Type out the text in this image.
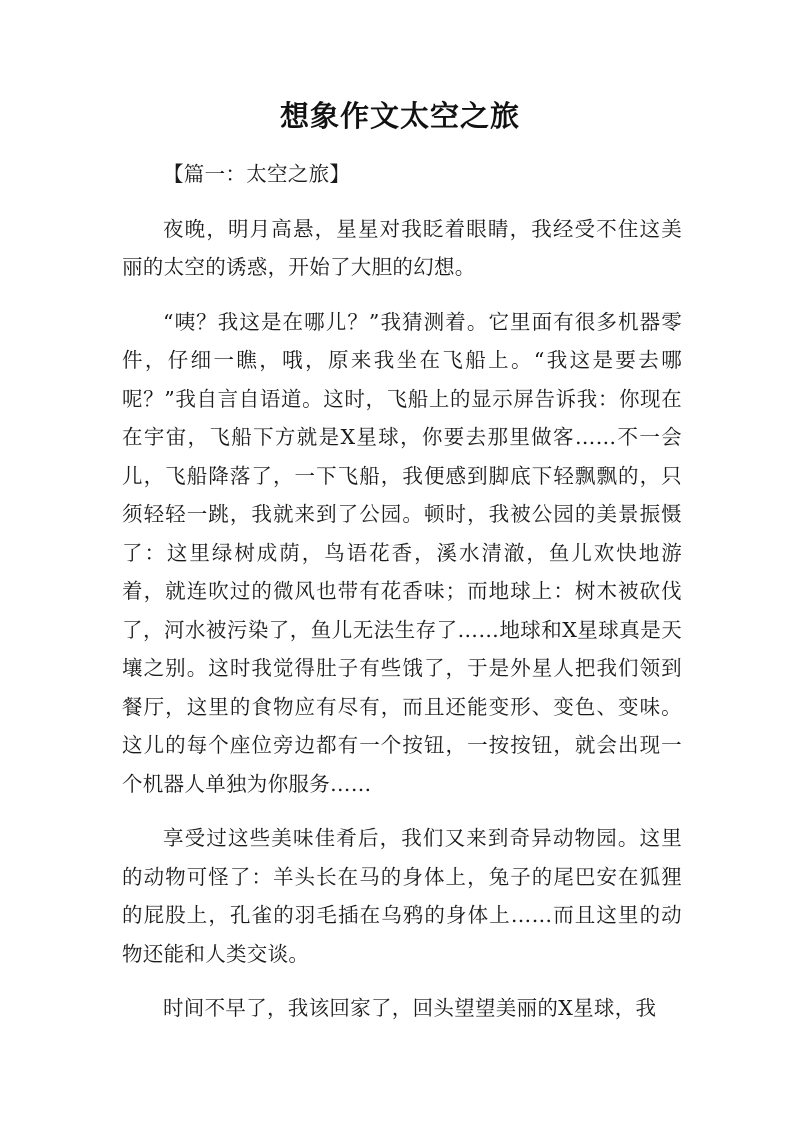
想象作文太空之旅

【篇一：太空之旅】

夜晚，明月高悬，星星对我眨着眼睛，我经受不住这美丽的太空的诱惑，开始了大胆的幻想。

“咦？我这是在哪儿？”我猜测着。它里面有很多机器零件，仔细一瞧，哦，原来我坐在飞船上。“我这是要去哪呢？”我自言自语道。这时，飞船上的显示屏告诉我：你现在在宇宙，飞船下方就是X星球，你要去那里做客……不一会儿，飞船降落了，一下飞船，我便感到脚底下轻飘飘的，只须轻轻一跳，我就来到了公园。顿时，我被公园的美景振慑了：这里绿树成荫，鸟语花香，溪水清澈，鱼儿欢快地游着，就连吹过的微风也带有花香味；而地球上：树木被砍伐了，河水被污染了，鱼儿无法生存了……地球和X星球真是天壤之别。这时我觉得肚子有些饿了，于是外星人把我们领到餐厅，这里的食物应有尽有，而且还能变形、变色、变味。这儿的每个座位旁边都有一个按钮，一按按钮，就会出现一个机器人单独为你服务……

享受过这些美味佳肴后，我们又来到奇异动物园。这里的动物可怪了：羊头长在马的身体上，兔子的尾巴安在狐狸的屁股上，孔雀的羽毛插在乌鸦的身体上……而且这里的动物还能和人类交谈。

时间不早了，我该回家了，回头望望美丽的X星球，我
